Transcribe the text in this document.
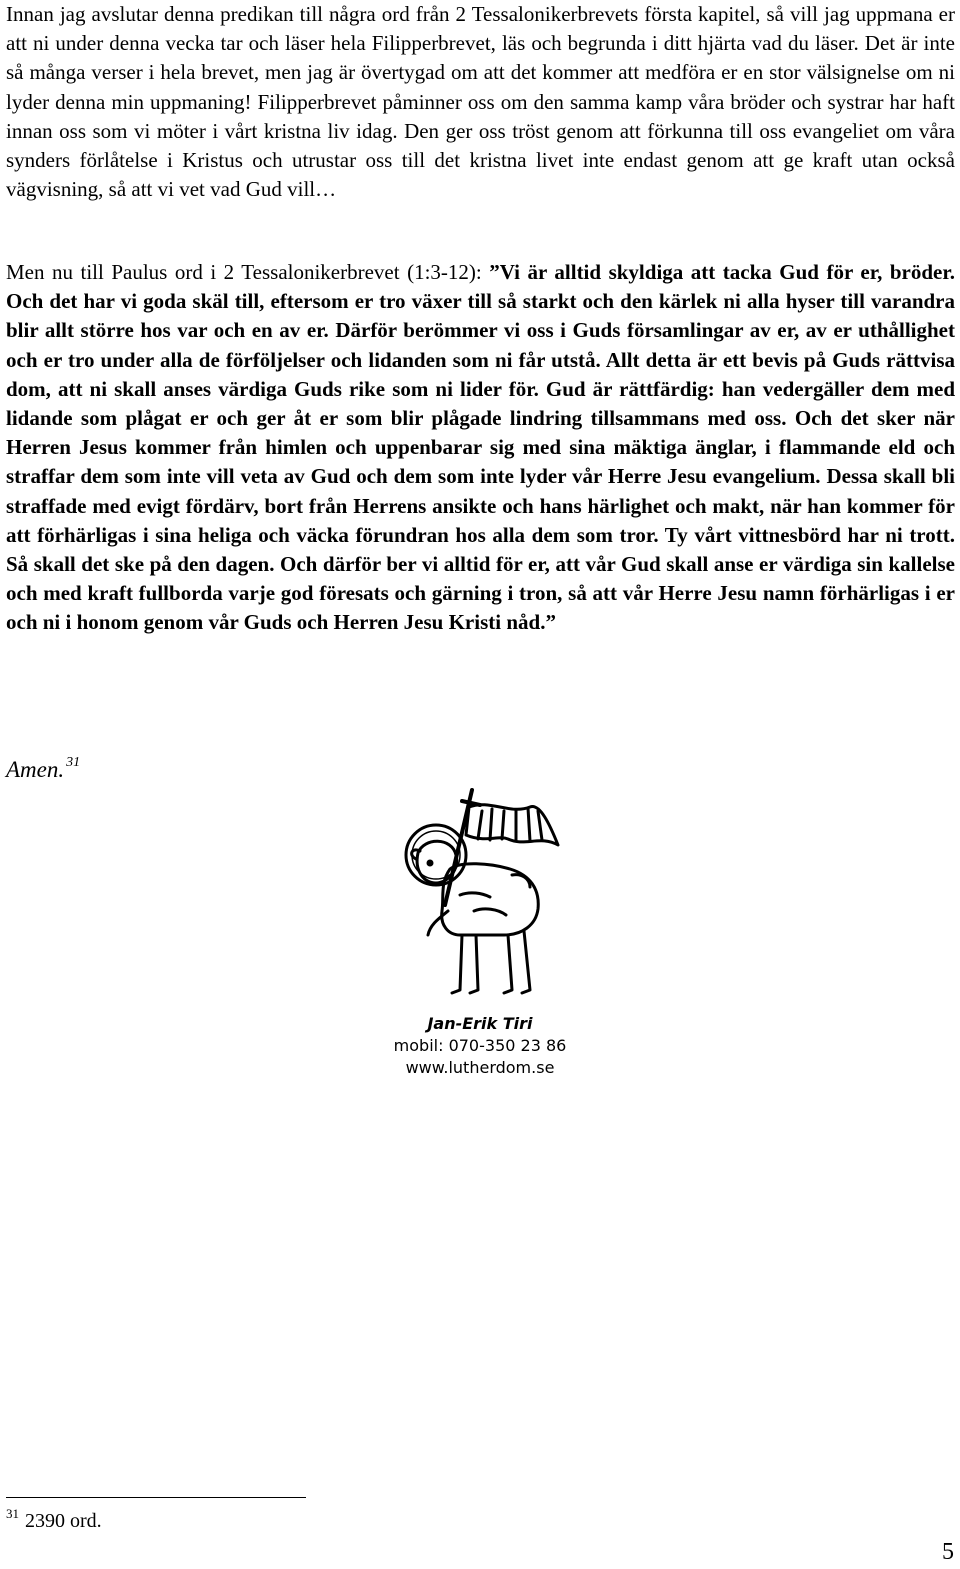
Innan jag avslutar denna predikan till några ord från 2 Tessalonikerbrevets första kapitel, så vill jag uppmana er att ni under denna vecka tar och läser hela Filipperbrevet, läs och begrunda i ditt hjärta vad du läser. Det är inte så många verser i hela brevet, men jag är övertygad om att det kommer att medföra er en stor välsignelse om ni lyder denna min uppmaning! Filipperbrevet påminner oss om den samma kamp våra bröder och systrar har haft innan oss som vi möter i vårt kristna liv idag. Den ger oss tröst genom att förkunna till oss evangeliet om våra synders förlåtelse i Kristus och utrustar oss till det kristna livet inte endast genom att ge kraft utan också vägvisning, så att vi vet vad Gud vill…

Men nu till Paulus ord i 2 Tessalonikerbrevet (1:3-12): ”Vi är alltid skyldiga att tacka Gud för er, bröder. Och det har vi goda skäl till, eftersom er tro växer till så starkt och den kärlek ni alla hyser till varandra blir allt större hos var och en av er. Därför berömmer vi oss i Guds församlingar av er, av er uthållighet och er tro under alla de förföljelser och lidanden som ni får utstå. Allt detta är ett bevis på Guds rättvisa dom, att ni skall anses värdiga Guds rike som ni lider för. Gud är rättfärdig: han vedergäller dem med lidande som plågat er och ger åt er som blir plågade lindring tillsammans med oss. Och det sker när Herren Jesus kommer från himlen och uppenbarar sig med sina mäktiga änglar, i flammande eld och straffar dem som inte vill veta av Gud och dem som inte lyder vår Herre Jesu evangelium. Dessa skall bli straffade med evigt fördärv, bort från Herrens ansikte och hans härlighet och makt, när han kommer för att förhärligas i sina heliga och väcka förundran hos alla dem som tror. Ty vårt vittnesbörd har ni trott. Så skall det ske på den dagen. Och därför ber vi alltid för er, att vår Gud skall anse er värdiga sin kallelse och med kraft fullborda varje god föresats och gärning i tron, så att vår Herre Jesu namn förhärligas i er och ni i honom genom vår Guds och Herren Jesu Kristi nåd.”

Amen. $^{31}$
Jan-Erik Tiri
mobil: 070-350 23 86
www.lutherdom.se
$^{31}$ 2390 ord.
5
